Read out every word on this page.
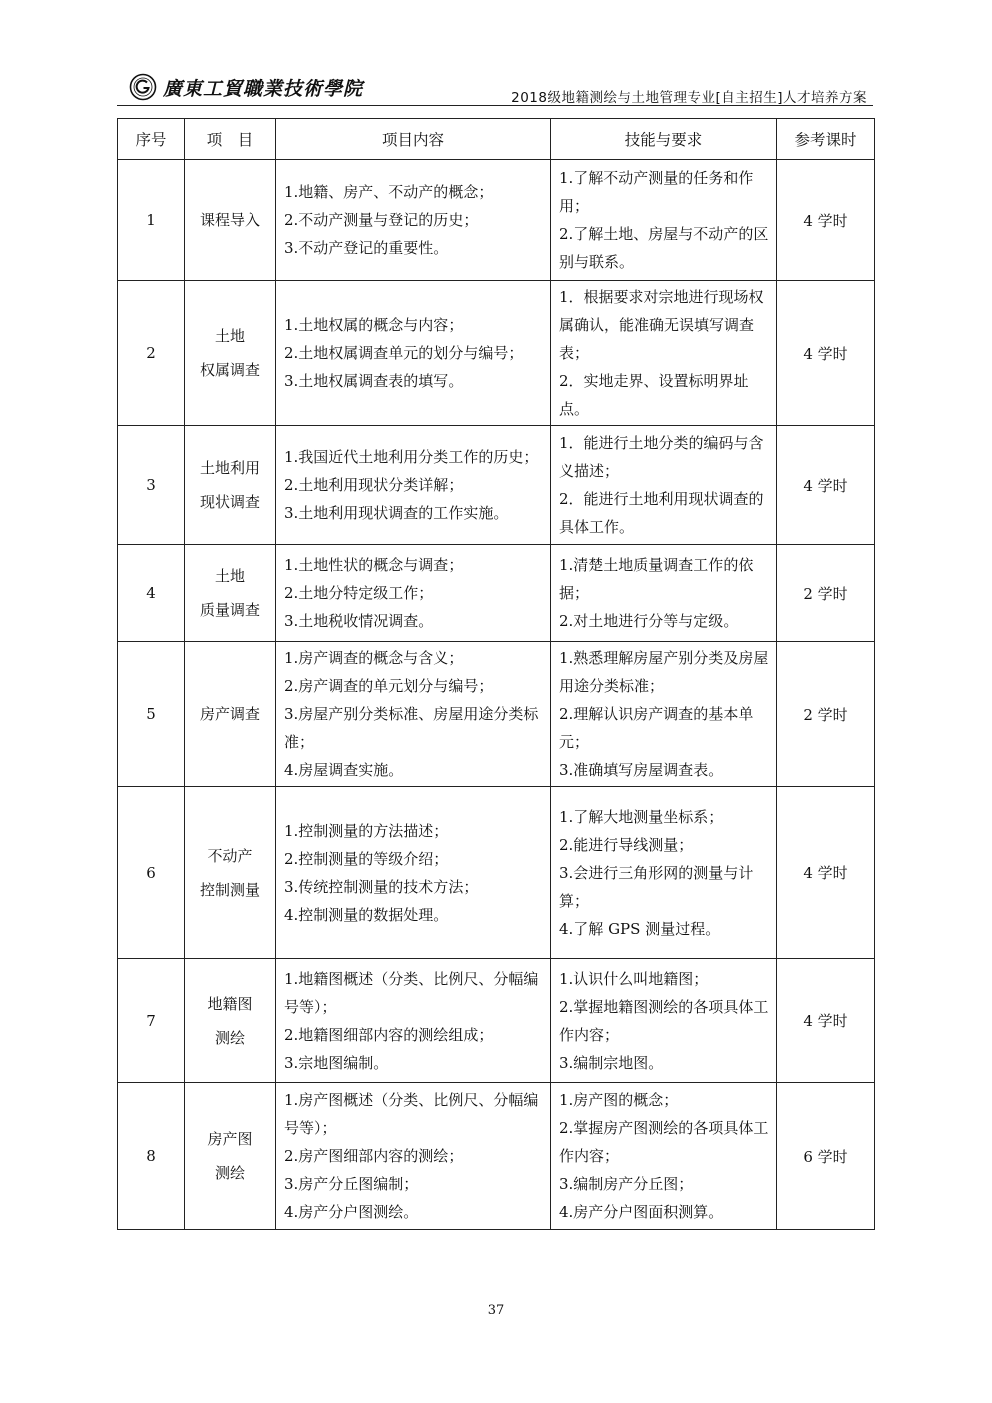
廣東工貿職業技術學院	2018级地籍测绘与土地管理专业[自主招生]人才培养方案
序号	项　目	项目内容	技能与要求	参考课时
1	课程导入	1.地籍、房产、不动产的概念；
2.不动产测量与登记的历史；
3.不动产登记的重要性。	1.了解不动产测量的任务和作用；
2.了解土地、房屋与不动产的区别与联系。	4 学时
2	土地
权属调查	1.土地权属的概念与内容；
2.土地权属调查单元的划分与编号；
3.土地权属调查表的填写。	1．根据要求对宗地进行现场权属确认，能准确无误填写调查表；
2．实地走界、设置标明界址点。	4 学时
3	土地利用
现状调查	1.我国近代土地利用分类工作的历史；
2.土地利用现状分类详解；
3.土地利用现状调查的工作实施。	1．能进行土地分类的编码与含义描述；
2．能进行土地利用现状调查的具体工作。	4 学时
4	土地
质量调查	1.土地性状的概念与调查；
2.土地分特定级工作；
3.土地税收情况调查。	1.清楚土地质量调查工作的依据；
2.对土地进行分等与定级。	2 学时
5	房产调查	1.房产调查的概念与含义；
2.房产调查的单元划分与编号；
3.房屋产别分类标准、房屋用途分类标准；
4.房屋调查实施。	1.熟悉理解房屋产别分类及房屋用途分类标准；
2.理解认识房产调查的基本单元；
3.准确填写房屋调查表。	2 学时
6	不动产
控制测量	1.控制测量的方法描述；
2.控制测量的等级介绍；
3.传统控制测量的技术方法；
4.控制测量的数据处理。	1.了解大地测量坐标系；
2.能进行导线测量；
3.会进行三角形网的测量与计算；
4.了解 GPS 测量过程。	4 学时
7	地籍图
测绘	1.地籍图概述（分类、比例尺、分幅编号等）；
2.地籍图细部内容的测绘组成；
3.宗地图编制。	1.认识什么叫地籍图；
2.掌握地籍图测绘的各项具体工作内容；
3.编制宗地图。	4 学时
8	房产图
测绘	1.房产图概述（分类、比例尺、分幅编号等）；
2.房产图细部内容的测绘；
3.房产分丘图编制；
4.房产分户图测绘。	1.房产图的概念；
2.掌握房产图测绘的各项具体工作内容；
3.编制房产分丘图；
4.房产分户图面积测算。	6 学时
37
